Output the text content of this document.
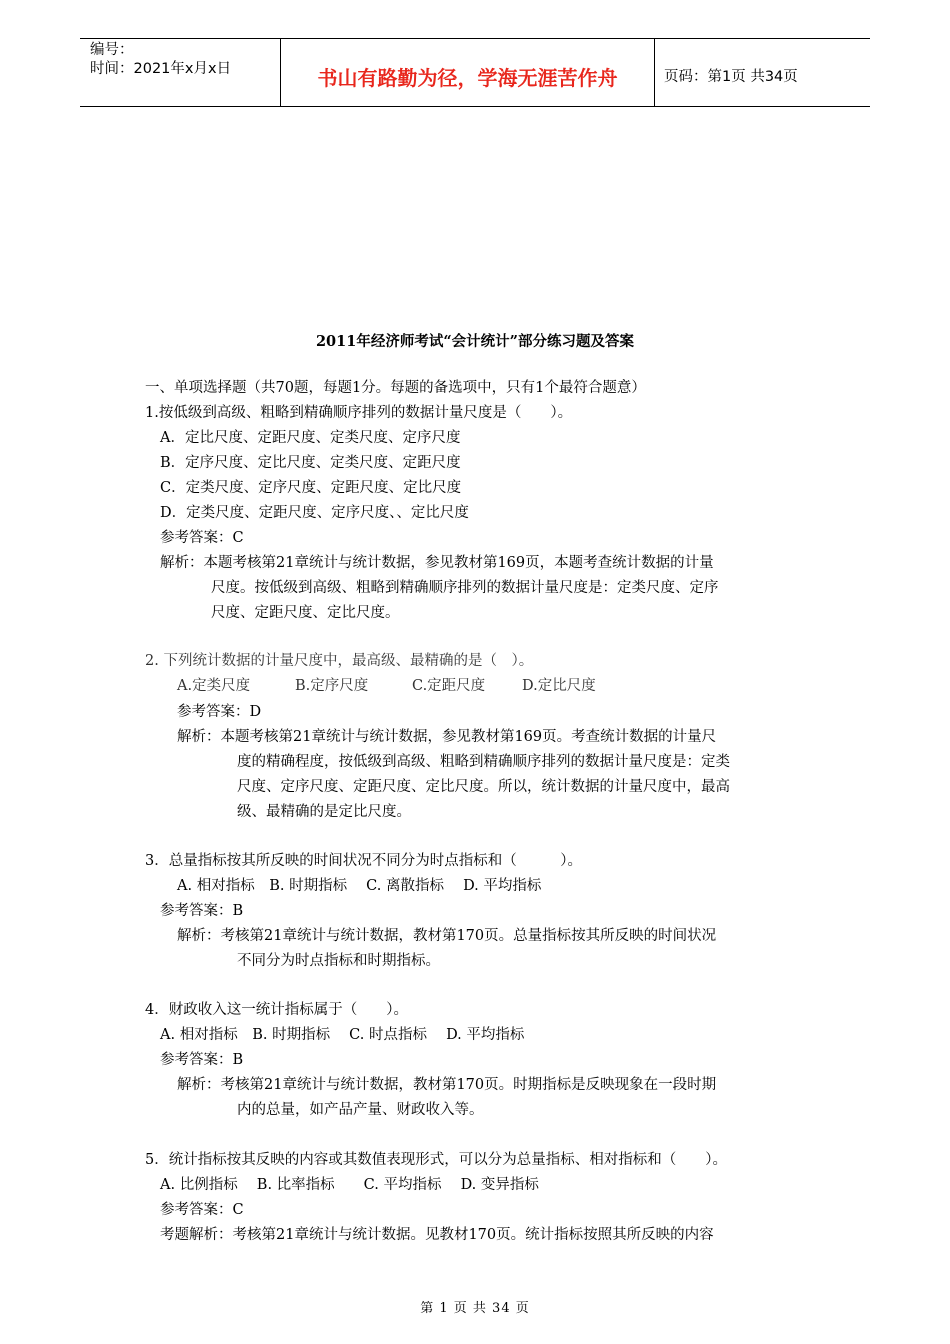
编号：
时间：2021年x月x日	书山有路勤为径，学海无涯苦作舟	页码：第1页 共34页
2011年经济师考试“会计统计”部分练习题及答案
一、单项选择题（共70题，每题1分。每题的备选项中，只有1个最符合题意）
1.按低级到高级、粗略到精确顺序排列的数据计量尺度是（　　）。
A．定比尺度、定距尺度、定类尺度、定序尺度
B．定序尺度、定比尺度、定类尺度、定距尺度
C．定类尺度、定序尺度、定距尺度、定比尺度
D．定类尺度、定距尺度、定序尺度、、定比尺度
参考答案：C
解析：本题考核第21章统计与统计数据，参见教材第169页，本题考查统计数据的计量
尺度。按低级到高级、粗略到精确顺序排列的数据计量尺度是：定类尺度、定序
尺度、定距尺度、定比尺度。
2. 下列统计数据的计量尺度中，最高级、最精确的是（　）。
A.定类尺度	B.定序尺度	C.定距尺度	D.定比尺度
参考答案：D
解析：本题考核第21章统计与统计数据，参见教材第169页。考查统计数据的计量尺
度的精确程度，按低级到高级、粗略到精确顺序排列的数据计量尺度是：定类
尺度、定序尺度、定距尺度、定比尺度。所以，统计数据的计量尺度中，最高
级、最精确的是定比尺度。
3．总量指标按其所反映的时间状况不同分为时点指标和（　　　）。
A. 相对指标　B. 时期指标　 C. 离散指标　 D. 平均指标
参考答案：B
解析：考核第21章统计与统计数据，教材第170页。总量指标按其所反映的时间状况
不同分为时点指标和时期指标。
4．财政收入这一统计指标属于（　　）。
A. 相对指标　B. 时期指标　 C. 时点指标　 D. 平均指标
参考答案：B
解析：考核第21章统计与统计数据，教材第170页。时期指标是反映现象在一段时期
内的总量，如产品产量、财政收入等。
5．统计指标按其反映的内容或其数值表现形式，可以分为总量指标、相对指标和（　　）。
A. 比例指标　 B. 比率指标　　C. 平均指标　 D. 变异指标
参考答案：C
考题解析：考核第21章统计与统计数据。见教材170页。统计指标按照其所反映的内容
第 1 页 共 34 页
